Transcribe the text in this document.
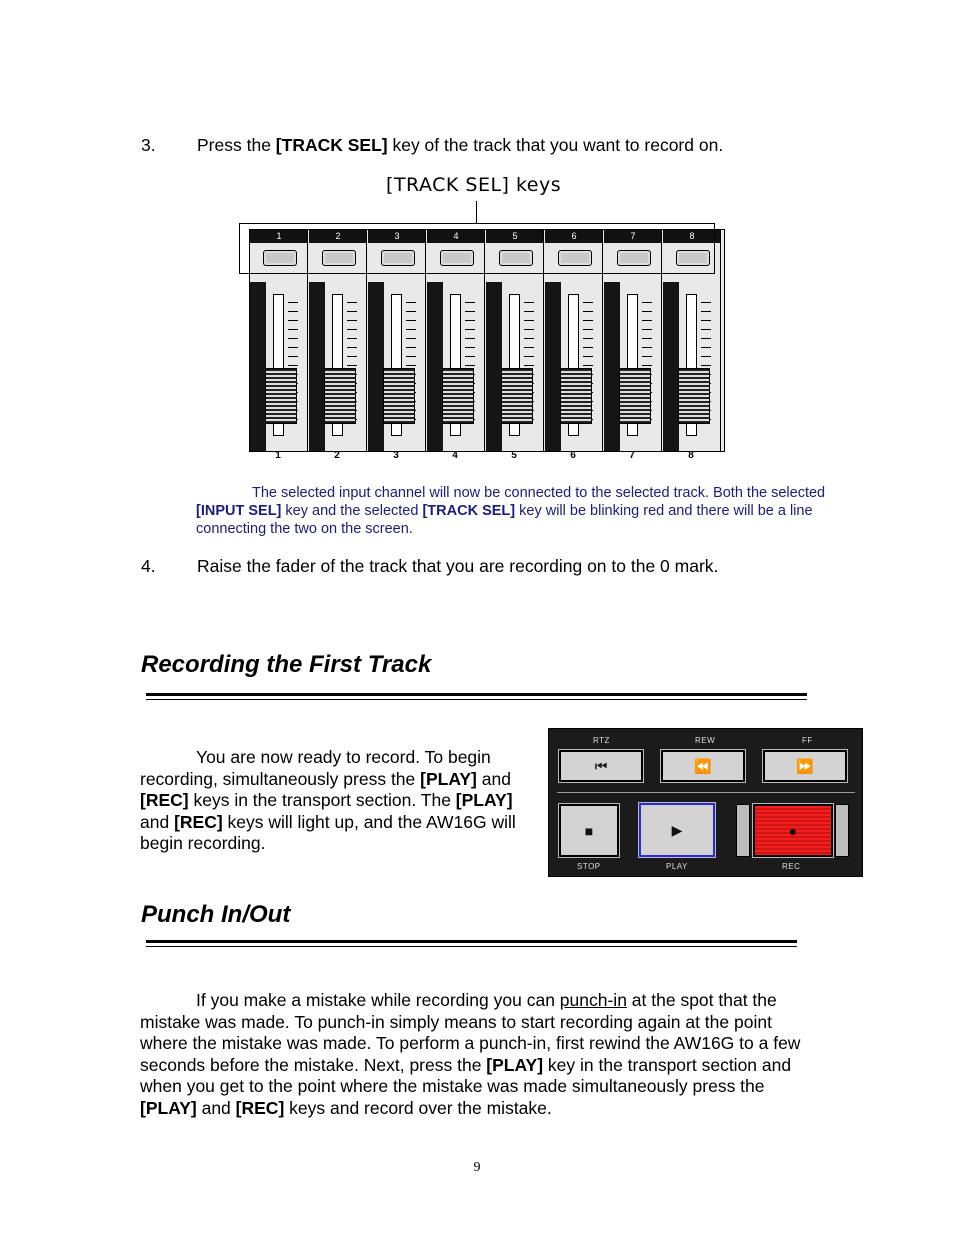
3. Press the [TRACK SEL] key of the track that you want to record on.
[TRACK SEL] keys
1	2	3	4	5	6	7	8
1	2	3	4	5	6	7	8
The selected input channel will now be connected to the selected track. Both the selected [INPUT SEL] key and the selected [TRACK SEL] key will be blinking red and there will be a line connecting the two on the screen.
4. Raise the fader of the track that you are recording on to the 0 mark.
Recording the First Track
You are now ready to record. To begin recording, simultaneously press the [PLAY] and [REC] keys in the transport section. The [PLAY] and [REC] keys will light up, and the AW16G will begin recording.
RTZ	REW	FF
⏮	⏪	⏩
■	▶	●
STOP	PLAY	REC
Punch In/Out
If you make a mistake while recording you can punch-in at the spot that the mistake was made. To punch-in simply means to start recording again at the point where the mistake was made. To perform a punch-in, first rewind the AW16G to a few seconds before the mistake. Next, press the [PLAY] key in the transport section and when you get to the point where the mistake was made simultaneously press the [PLAY] and [REC] keys and record over the mistake.
9
